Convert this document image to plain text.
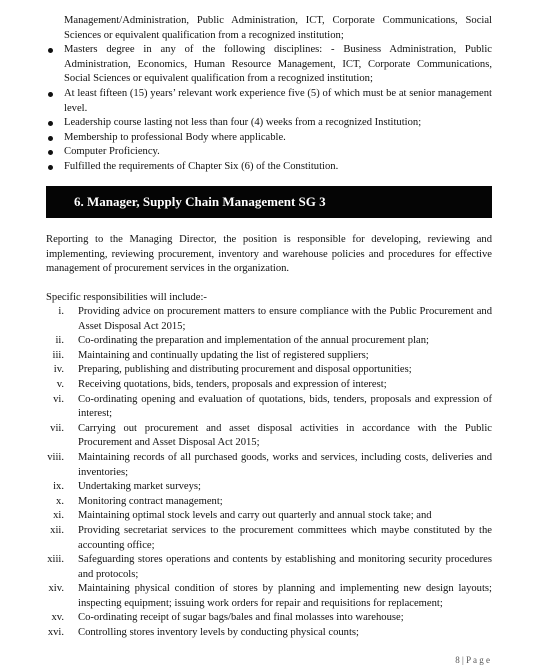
Management/Administration, Public Administration, ICT, Corporate Communications, Social Sciences or equivalent qualification from a recognized institution;
Masters degree in any of the following disciplines: - Business Administration, Public Administration, Economics, Human Resource Management, ICT, Corporate Communications, Social Sciences or equivalent qualification from a recognized institution;
At least fifteen (15) years’ relevant work experience five (5) of which must be at senior management level.
Leadership course lasting not less than four (4) weeks from a recognized Institution;
Membership to professional Body where applicable.
Computer Proficiency.
Fulfilled the requirements of Chapter Six (6) of the Constitution.
6. Manager, Supply Chain Management SG 3

Reporting to the Managing Director, the position is responsible for developing, reviewing and implementing, reviewing procurement, inventory and warehouse policies and procedures for effective management of procurement services in the organization.

Specific responsibilities will include:-

i.	Providing advice on procurement matters to ensure compliance with the Public Procurement and Asset Disposal Act 2015;
ii.	Co-ordinating the preparation and implementation of the annual procurement plan;
iii.	Maintaining and continually updating the list of registered suppliers;
iv.	Preparing, publishing and distributing procurement and disposal opportunities;
v.	Receiving quotations, bids, tenders, proposals and expression of interest;
vi.	Co-ordinating opening and evaluation of quotations, bids, tenders, proposals and expression of interest;
vii.	Carrying out procurement and asset disposal activities in accordance with the Public Procurement and Asset Disposal Act 2015;
viii.	Maintaining records of all purchased goods, works and services, including costs, deliveries and inventories;
ix.	Undertaking market surveys;
x.	Monitoring contract management;
xi.	Maintaining optimal stock levels and carry out quarterly and annual stock take; and
xii.	Providing secretariat services to the procurement committees which maybe constituted by the accounting office;
xiii.	Safeguarding stores operations and contents by establishing and monitoring security procedures and protocols;
xiv.	Maintaining physical condition of stores by planning and implementing new design layouts; inspecting equipment; issuing work orders for repair and requisitions for replacement;
xv.	Co-ordinating receipt of sugar bags/bales and final molasses into warehouse;
xvi.	Controlling stores inventory levels by conducting physical counts;
8 | P a g e
